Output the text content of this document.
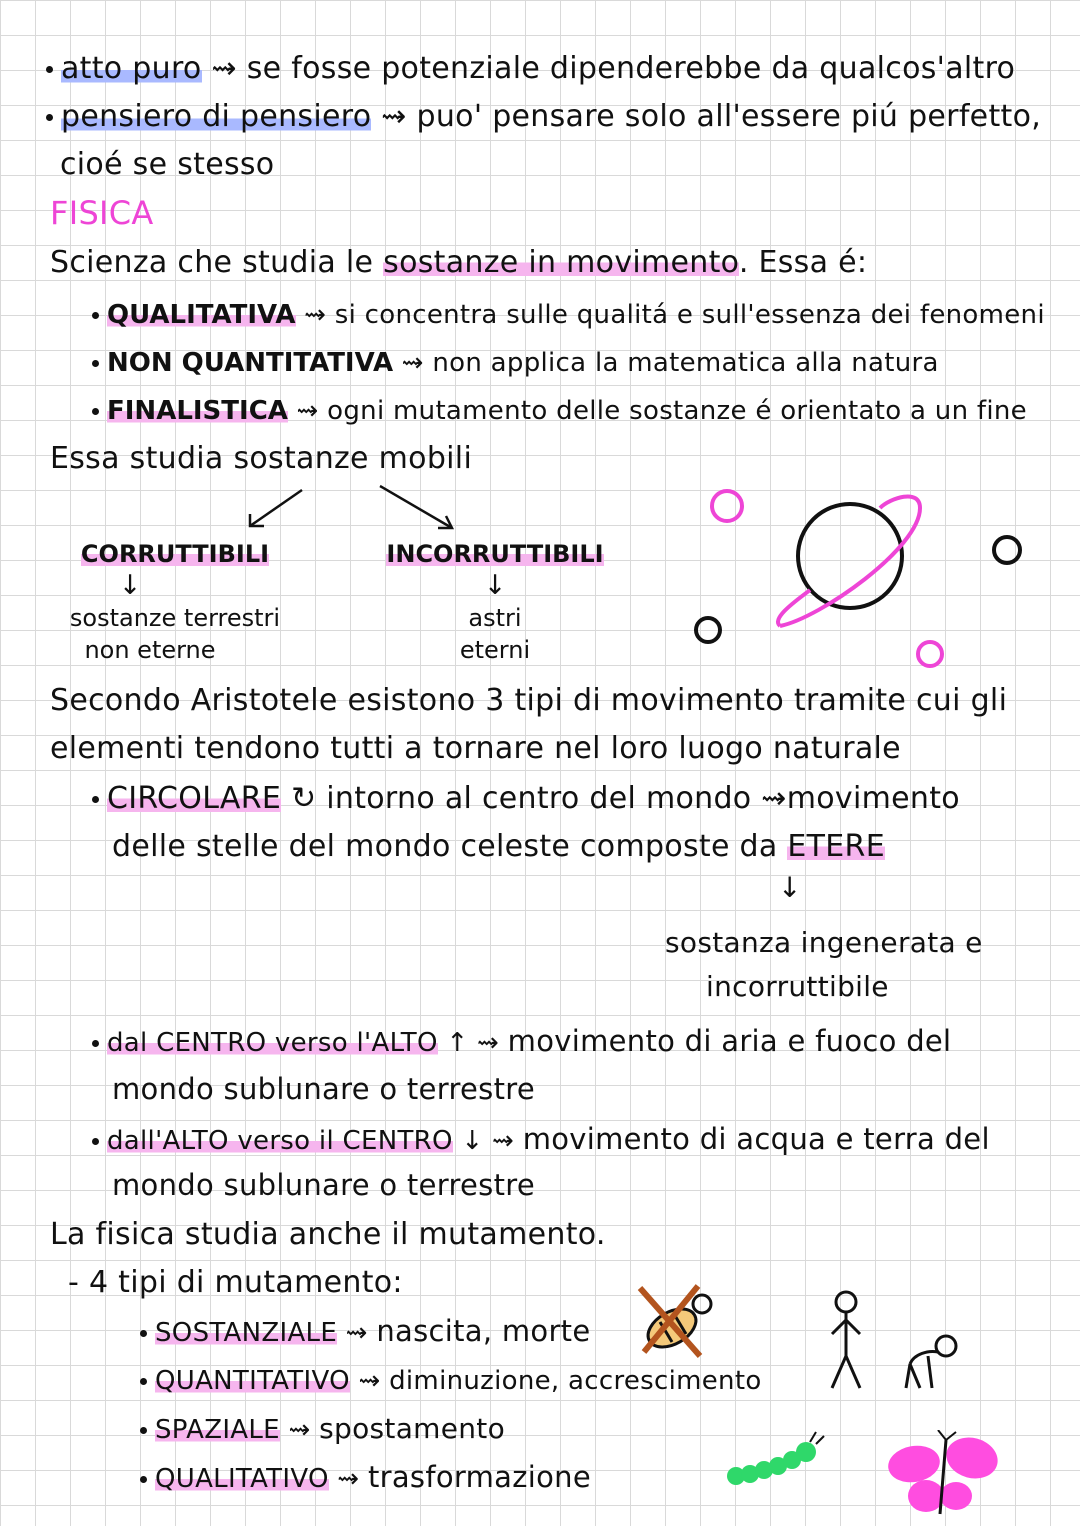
atto puro ⇝ se fosse potenziale dipenderebbe da qualcos'altro
pensiero di pensiero ⇝ puo' pensare solo all'essere piú perfetto,
cioé se stesso
FISICA
Scienza che studia le sostanze in movimento. Essa é:
QUALITATIVA ⇝ si concentra sulle qualitá e sull'essenza dei fenomeni
NON QUANTITATIVA ⇝ non applica la matematica alla natura
FINALISTICA ⇝ ogni mutamento delle sostanze é orientato a un fine
Essa studia sostanze mobili
CORRUTTIBILI
↓
sostanze terrestri
non eterne
INCORRUTTIBILI
↓
astri
eterni
Secondo Aristotele esistono 3 tipi di movimento tramite cui gli
elementi tendono tutti a tornare nel loro luogo naturale
CIRCOLARE ↻ intorno al centro del mondo ⇝movimento
delle stelle del mondo celeste composte da ETERE
↓
sostanza ingenerata e
incorruttibile
dal CENTRO verso l'ALTO ↑ ⇝ movimento di aria e fuoco del
mondo sublunare o terrestre
dall'ALTO verso il CENTRO ↓ ⇝ movimento di acqua e terra del
mondo sublunare o terrestre
La fisica studia anche il mutamento.
- 4 tipi di mutamento:
SOSTANZIALE ⇝ nascita, morte
QUANTITATIVO ⇝ diminuzione, accrescimento
SPAZIALE ⇝ spostamento
QUALITATIVO ⇝ trasformazione
